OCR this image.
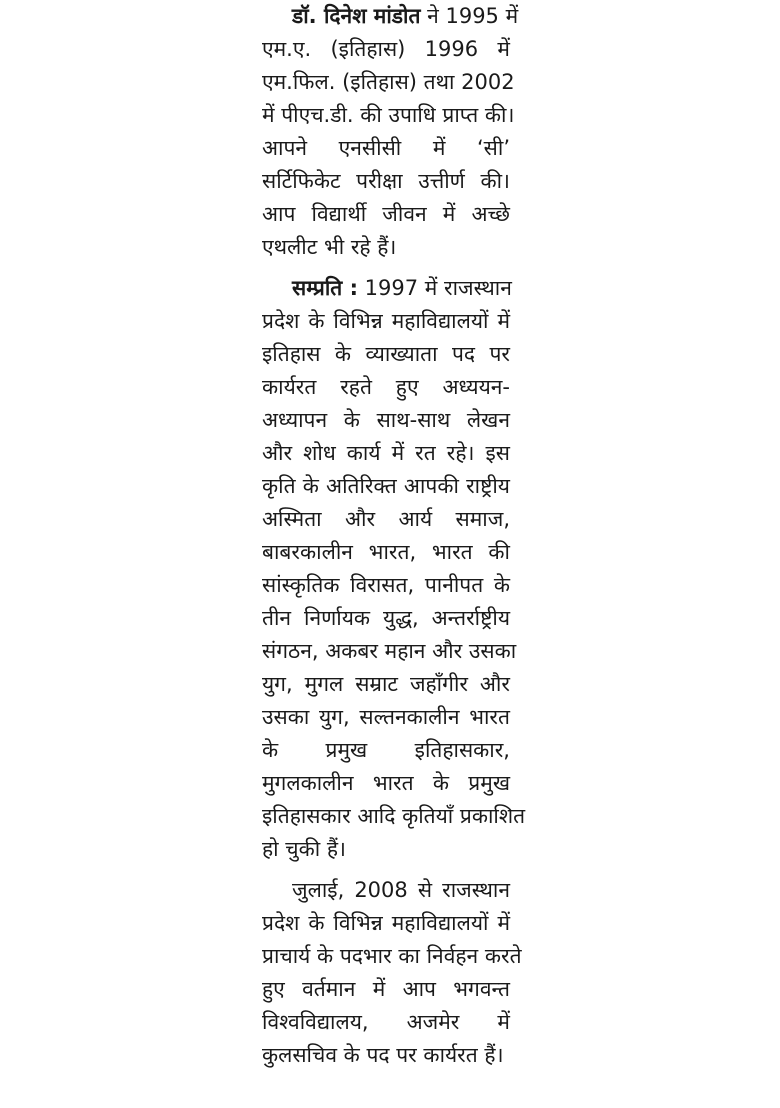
डॉ. दिनेश मांडोत ने 1995 में
एम.ए. (इतिहास) 1996 में
एम.फिल. (इतिहास) तथा 2002
में पीएच.डी. की उपाधि प्राप्त की।
आपने एनसीसी में ‘सी’
सर्टिफिकेट परीक्षा उत्तीर्ण की।
आप विद्यार्थी जीवन में अच्छे
एथलीट भी रहे हैं।
सम्प्रति : 1997 में राजस्थान
प्रदेश के विभिन्न महाविद्यालयों में
इतिहास के व्याख्याता पद पर
कार्यरत रहते हुए अध्ययन-
अध्यापन के साथ-साथ लेखन
और शोध कार्य में रत रहे। इस
कृति के अतिरिक्त आपकी राष्ट्रीय
अस्मिता और आर्य समाज,
बाबरकालीन भारत, भारत की
सांस्कृतिक विरासत, पानीपत के
तीन निर्णायक युद्ध, अन्तर्राष्ट्रीय
संगठन, अकबर महान और उसका
युग, मुगल सम्राट जहाँगीर और
उसका युग, सल्तनकालीन भारत
के प्रमुख इतिहासकार,
मुगलकालीन भारत के प्रमुख
इतिहासकार आदि कृतियाँ प्रकाशित
हो चुकी हैं।
जुलाई, 2008 से राजस्थान
प्रदेश के विभिन्न महाविद्यालयों में
प्राचार्य के पदभार का निर्वहन करते
हुए वर्तमान में आप भगवन्त
विश्वविद्यालय, अजमेर में
कुलसचिव के पद पर कार्यरत हैं।
